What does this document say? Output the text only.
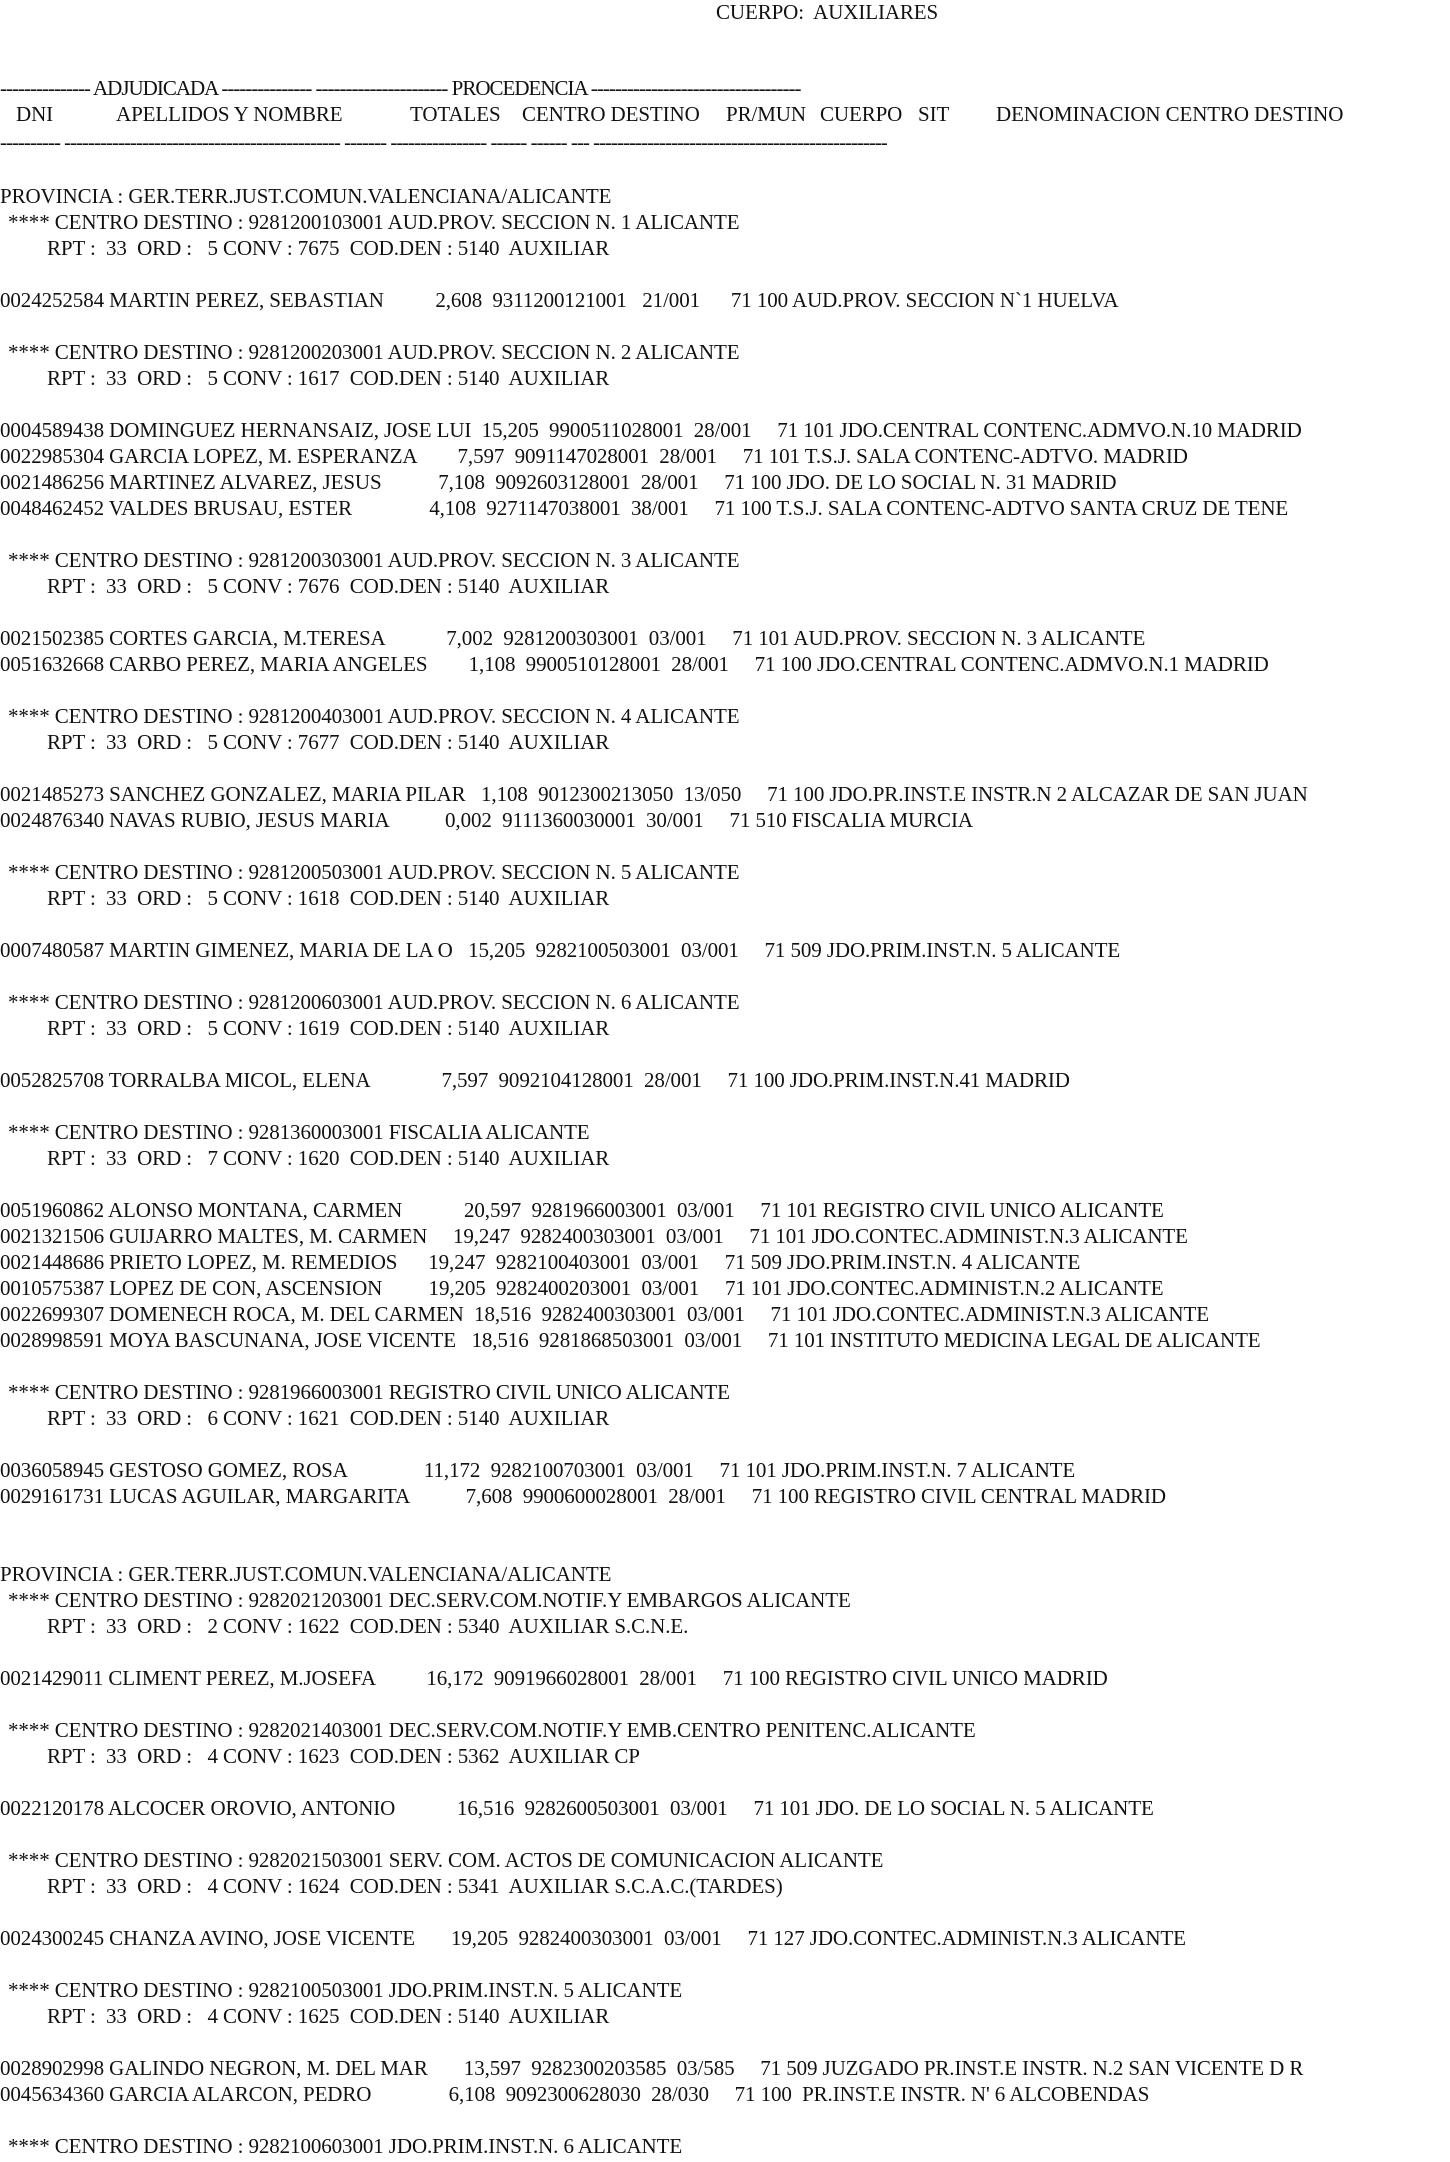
CUERPO:  AUXILIARES
--------------- ADJUDICADA --------------- ---------------------- PROCEDENCIA -----------------------------------
DNI	APELLIDOS Y NOMBRE	TOTALES CENTRO DESTINO PR/MUN CUERPO SIT DENOMINACION CENTRO DESTINO
---------- ---------------------------------------------- ------- ---------------- ------ ------ --- -------------------------------------------------
PROVINCIA : GER.TERR.JUST.COMUN.VALENCIANA/ALICANTE
**** CENTRO DESTINO : 9281200103001 AUD.PROV. SECCION N. 1 ALICANTE
RPT :  33  ORD :   5 CONV : 7675  COD.DEN : 5140  AUXILIAR
0024252584 MARTIN PEREZ, SEBASTIAN          2,608  9311200121001   21/001      71 100 AUD.PROV. SECCION N`1 HUELVA
**** CENTRO DESTINO : 9281200203001 AUD.PROV. SECCION N. 2 ALICANTE
RPT :  33  ORD :   5 CONV : 1617  COD.DEN : 5140  AUXILIAR
0004589438 DOMINGUEZ HERNANSAIZ, JOSE LUI  15,205  9900511028001  28/001     71 101 JDO.CENTRAL CONTENC.ADMVO.N.10 MADRID
0022985304 GARCIA LOPEZ, M. ESPERANZA        7,597  9091147028001  28/001     71 101 T.S.J. SALA CONTENC-ADTVO. MADRID
0021486256 MARTINEZ ALVAREZ, JESUS           7,108  9092603128001  28/001     71 100 JDO. DE LO SOCIAL N. 31 MADRID
0048462452 VALDES BRUSAU, ESTER               4,108  9271147038001  38/001     71 100 T.S.J. SALA CONTENC-ADTVO SANTA CRUZ DE TENE
**** CENTRO DESTINO : 9281200303001 AUD.PROV. SECCION N. 3 ALICANTE
RPT :  33  ORD :   5 CONV : 7676  COD.DEN : 5140  AUXILIAR
0021502385 CORTES GARCIA, M.TERESA            7,002  9281200303001  03/001     71 101 AUD.PROV. SECCION N. 3 ALICANTE
0051632668 CARBO PEREZ, MARIA ANGELES        1,108  9900510128001  28/001     71 100 JDO.CENTRAL CONTENC.ADMVO.N.1 MADRID
**** CENTRO DESTINO : 9281200403001 AUD.PROV. SECCION N. 4 ALICANTE
RPT :  33  ORD :   5 CONV : 7677  COD.DEN : 5140  AUXILIAR
0021485273 SANCHEZ GONZALEZ, MARIA PILAR   1,108  9012300213050  13/050     71 100 JDO.PR.INST.E INSTR.N 2 ALCAZAR DE SAN JUAN
0024876340 NAVAS RUBIO, JESUS MARIA           0,002  9111360030001  30/001     71 510 FISCALIA MURCIA
**** CENTRO DESTINO : 9281200503001 AUD.PROV. SECCION N. 5 ALICANTE
RPT :  33  ORD :   5 CONV : 1618  COD.DEN : 5140  AUXILIAR
0007480587 MARTIN GIMENEZ, MARIA DE LA O   15,205  9282100503001  03/001     71 509 JDO.PRIM.INST.N. 5 ALICANTE
**** CENTRO DESTINO : 9281200603001 AUD.PROV. SECCION N. 6 ALICANTE
RPT :  33  ORD :   5 CONV : 1619  COD.DEN : 5140  AUXILIAR
0052825708 TORRALBA MICOL, ELENA              7,597  9092104128001  28/001     71 100 JDO.PRIM.INST.N.41 MADRID
**** CENTRO DESTINO : 9281360003001 FISCALIA ALICANTE
RPT :  33  ORD :   7 CONV : 1620  COD.DEN : 5140  AUXILIAR
0051960862 ALONSO MONTANA, CARMEN            20,597  9281966003001  03/001     71 101 REGISTRO CIVIL UNICO ALICANTE
0021321506 GUIJARRO MALTES, M. CARMEN     19,247  9282400303001  03/001     71 101 JDO.CONTEC.ADMINIST.N.3 ALICANTE
0021448686 PRIETO LOPEZ, M. REMEDIOS      19,247  9282100403001  03/001     71 509 JDO.PRIM.INST.N. 4 ALICANTE
0010575387 LOPEZ DE CON, ASCENSION         19,205  9282400203001  03/001     71 101 JDO.CONTEC.ADMINIST.N.2 ALICANTE
0022699307 DOMENECH ROCA, M. DEL CARMEN  18,516  9282400303001  03/001     71 101 JDO.CONTEC.ADMINIST.N.3 ALICANTE
0028998591 MOYA BASCUNANA, JOSE VICENTE   18,516  9281868503001  03/001     71 101 INSTITUTO MEDICINA LEGAL DE ALICANTE
**** CENTRO DESTINO : 9281966003001 REGISTRO CIVIL UNICO ALICANTE
RPT :  33  ORD :   6 CONV : 1621  COD.DEN : 5140  AUXILIAR
0036058945 GESTOSO GOMEZ, ROSA               11,172  9282100703001  03/001     71 101 JDO.PRIM.INST.N. 7 ALICANTE
0029161731 LUCAS AGUILAR, MARGARITA           7,608  9900600028001  28/001     71 100 REGISTRO CIVIL CENTRAL MADRID
PROVINCIA : GER.TERR.JUST.COMUN.VALENCIANA/ALICANTE
**** CENTRO DESTINO : 9282021203001 DEC.SERV.COM.NOTIF.Y EMBARGOS ALICANTE
RPT :  33  ORD :   2 CONV : 1622  COD.DEN : 5340  AUXILIAR S.C.N.E.
0021429011 CLIMENT PEREZ, M.JOSEFA          16,172  9091966028001  28/001     71 100 REGISTRO CIVIL UNICO MADRID
**** CENTRO DESTINO : 9282021403001 DEC.SERV.COM.NOTIF.Y EMB.CENTRO PENITENC.ALICANTE
RPT :  33  ORD :   4 CONV : 1623  COD.DEN : 5362  AUXILIAR CP
0022120178 ALCOCER OROVIO, ANTONIO            16,516  9282600503001  03/001     71 101 JDO. DE LO SOCIAL N. 5 ALICANTE
**** CENTRO DESTINO : 9282021503001 SERV. COM. ACTOS DE COMUNICACION ALICANTE
RPT :  33  ORD :   4 CONV : 1624  COD.DEN : 5341  AUXILIAR S.C.A.C.(TARDES)
0024300245 CHANZA AVINO, JOSE VICENTE       19,205  9282400303001  03/001     71 127 JDO.CONTEC.ADMINIST.N.3 ALICANTE
**** CENTRO DESTINO : 9282100503001 JDO.PRIM.INST.N. 5 ALICANTE
RPT :  33  ORD :   4 CONV : 1625  COD.DEN : 5140  AUXILIAR
0028902998 GALINDO NEGRON, M. DEL MAR       13,597  9282300203585  03/585     71 509 JUZGADO PR.INST.E INSTR. N.2 SAN VICENTE D R
0045634360 GARCIA ALARCON, PEDRO               6,108  9092300628030  28/030     71 100  PR.INST.E INSTR. N' 6 ALCOBENDAS
**** CENTRO DESTINO : 9282100603001 JDO.PRIM.INST.N. 6 ALICANTE
